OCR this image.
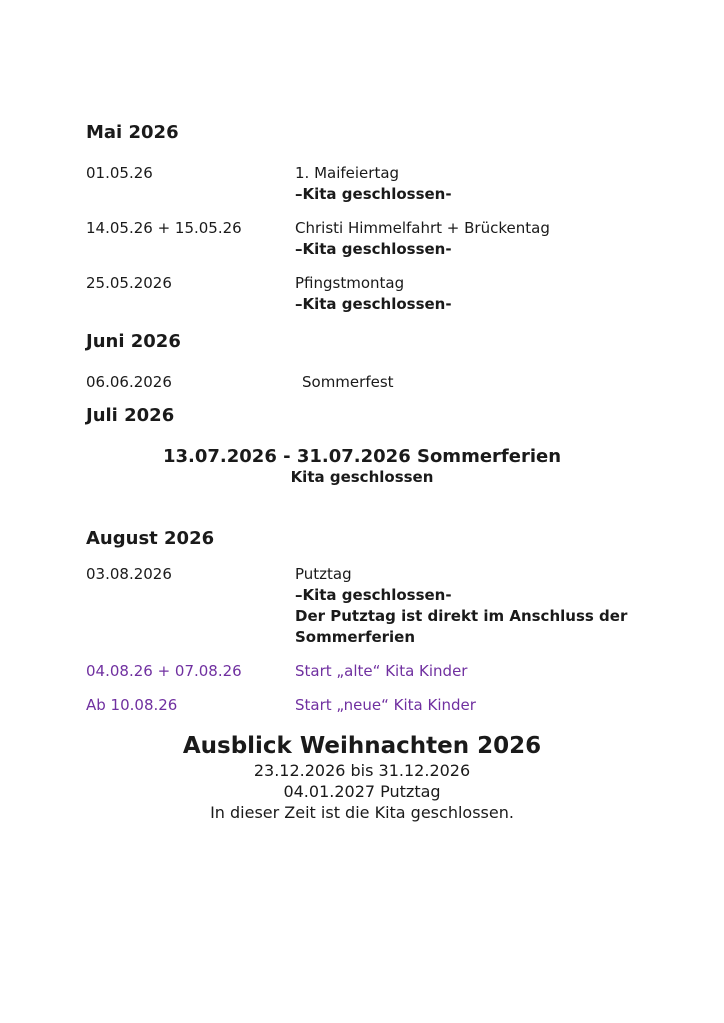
Mai 2026
01.05.26	1. Maifeiertag
–Kita geschlossen-
14.05.26 + 15.05.26	Christi Himmelfahrt + Brückentag
–Kita geschlossen-
25.05.2026	Pfingstmontag
–Kita geschlossen-
Juni 2026
06.06.2026	Sommerfest
Juli 2026
13.07.2026 - 31.07.2026 Sommerferien
Kita geschlossen
August 2026
03.08.2026	Putztag
–Kita geschlossen-
Der Putztag ist direkt im Anschluss der
Sommerferien
04.08.26 + 07.08.26	Start „alte“ Kita Kinder
Ab 10.08.26	Start „neue“ Kita Kinder
Ausblick Weihnachten 2026
23.12.2026 bis 31.12.2026
04.01.2027 Putztag
In dieser Zeit ist die Kita geschlossen.
